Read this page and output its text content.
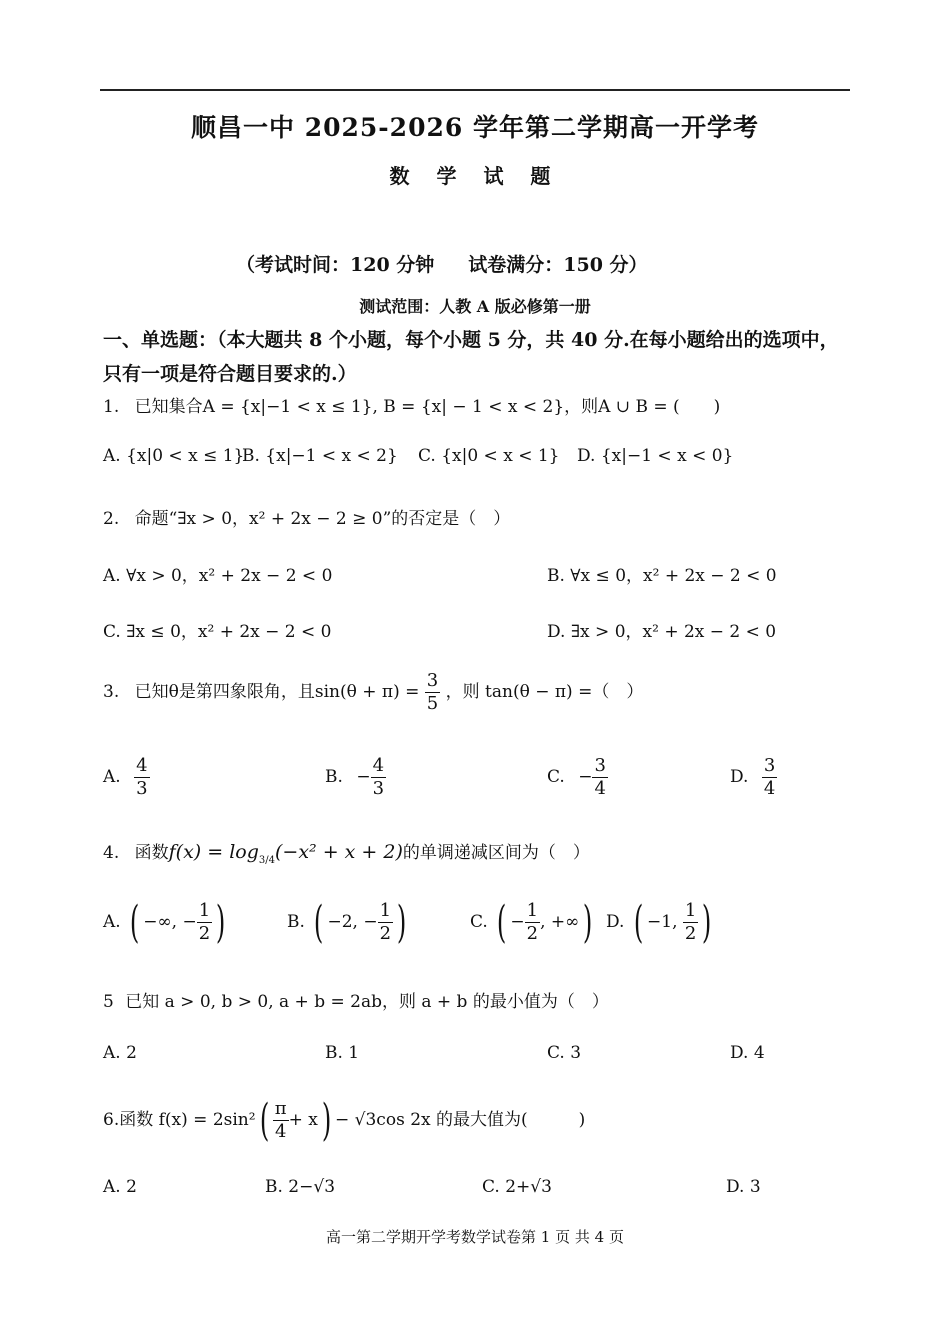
顺昌一中 2025-2026 学年第二学期高一开学考
数 学 试 题
（考试时间：120 分钟 试卷满分：150 分）
测试范围：人教 A 版必修第一册
一、单选题：（本大题共 8 个小题，每个小题 5 分，共 40 分.在每小题给出的选项中，只有一项是符合题目要求的.）
1. 已知集合A = {x|−1 < x ≤ 1}, B = {x| − 1 < x < 2}，则A ∪ B = (　　)
A. {x|0 < x ≤ 1}
B. {x|−1 < x < 2} C. {x|0 < x < 1} D. {x|−1 < x < 0}
2. 命题“∃x > 0，x² + 2x − 2 ≥ 0”的否定是（　）
A. ∀x > 0，x² + 2x − 2 < 0	B. ∀x ≤ 0，x² + 2x − 2 < 0
C. ∃x ≤ 0，x² + 2x − 2 < 0	D. ∃x > 0，x² + 2x − 2 < 0
3. 已知θ是第四象限角，且$\sin(\theta + \pi) = \frac{3}{5}$ ，则 tan(θ − π) =（　）
A. $\frac{4}{3}$	B. − $\frac{4}{3}$	C. − $\frac{3}{4}$	D. $\frac{3}{4}$
4. 函数$f(x) = \log_{3/4}(-x^2 + x + 2)$的单调递减区间为（　）
A. ( −∞, − $\frac{1}{2}$ )	B. ( −2, − $\frac{1}{2}$ )	C. ( − $\frac{1}{2}$ , +∞) D. ( −1, $\frac{1}{2}$ )
5 已知 a > 0, b > 0, a + b = 2ab，则 a + b 的最小值为（　）
A. 2	B. 1	C. 3	D. 4
6.函数 $f(x) = 2\sin^2( \frac{\pi}{4} + x) - √3\cos$ 2x 的最大值为(　　　)
A. 2	B. 2−√3	C. 2+√3	D. 3
高一第二学期开学考数学试卷第 1 页 共 4 页
